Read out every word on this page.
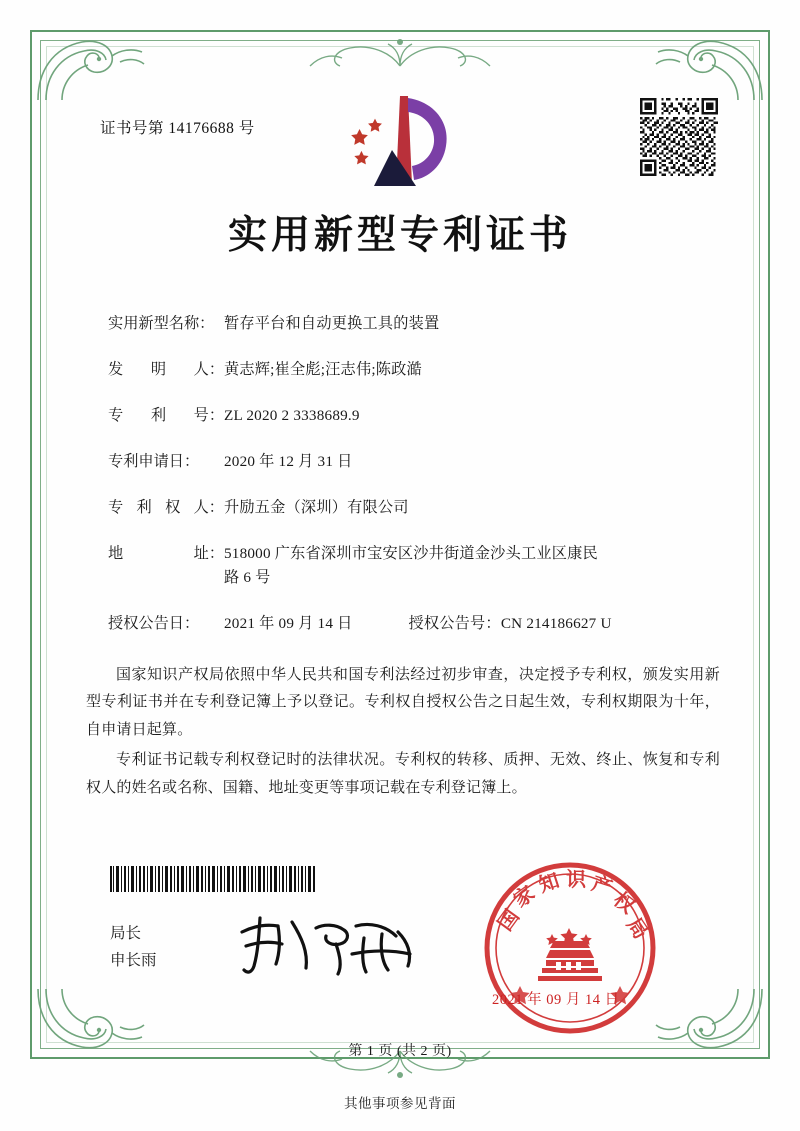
证书号第 14176688 号
实用新型专利证书
实用新型名称： 暂存平台和自动更换工具的装置
发 明 人： 黄志辉;崔全彪;汪志伟;陈政澔
专 利 号： ZL 2020 2 3338689.9
专利申请日：	2020 年 12 月 31 日
专 利 权 人： 升励五金（深圳）有限公司
地	址： 518000 广东省深圳市宝安区沙井街道金沙头工业区康民
路 6 号
授权公告日：	2021 年 09 月 14 日	授权公告号： CN 214186627 U

国家知识产权局依照中华人民共和国专利法经过初步审查，决定授予专利权，颁发实用新型专利证书并在专利登记簿上予以登记。专利权自授权公告之日起生效，专利权期限为十年，自申请日起算。

专利证书记载专利权登记时的法律状况。专利权的转移、质押、无效、终止、恢复和专利权人的姓名或名称、国籍、地址变更等事项记载在专利登记簿上。

局长
申长雨
国
家
知 识 产
权
局
2021 年 09 月 14 日
第 1 页 (共 2 页)
其他事项参见背面
